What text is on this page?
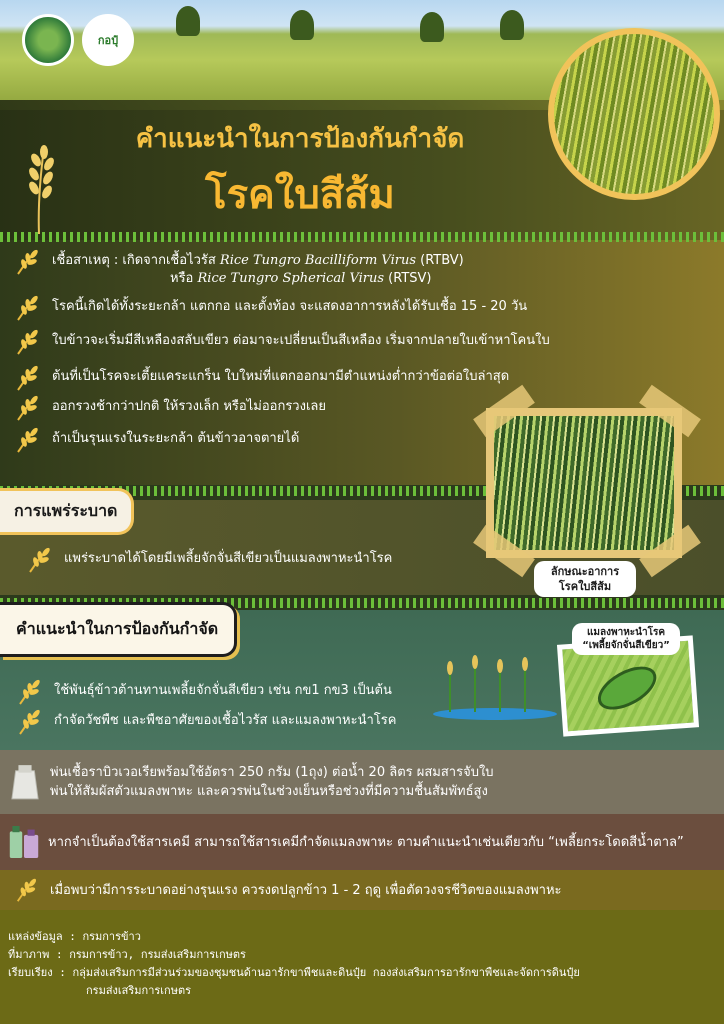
กอปุ๋
คำแนะนำในการป้องกันกำจัด
โรคใบสีส้ม
เชื้อสาเหตุ : เกิดจากเชื้อไวรัส Rice Tungro Bacilliform Virus (RTBV)
หรือ Rice Tungro Spherical Virus (RTSV)
โรคนี้เกิดได้ทั้งระยะกล้า แตกกอ และตั้งท้อง จะแสดงอาการหลังได้รับเชื้อ 15 - 20 วัน
ใบข้าวจะเริ่มมีสีเหลืองสลับเขียว ต่อมาจะเปลี่ยนเป็นสีเหลือง เริ่มจากปลายใบเข้าหาโคนใบ
ต้นที่เป็นโรคจะเตี้ยแคระแกร็น ใบใหม่ที่แตกออกมามีตำแหน่งต่ำกว่าข้อต่อใบล่าสุด
ออกรวงช้ากว่าปกติ ให้รวงเล็ก หรือไม่ออกรวงเลย
ถ้าเป็นรุนแรงในระยะกล้า ต้นข้าวอาจตายได้
การแพร่ระบาด
แพร่ระบาดได้โดยมีเพลี้ยจักจั่นสีเขียวเป็นแมลงพาหะนำโรค
ลักษณะอาการ
โรคใบสีส้ม
คำแนะนำในการป้องกันกำจัด
ใช้พันธุ์ข้าวต้านทานเพลี้ยจักจั่นสีเขียว เช่น กข1 กข3 เป็นต้น
กำจัดวัชพืช และพืชอาศัยของเชื้อไวรัส และแมลงพาหะนำโรค
แมลงพาหะนำโรค
“เพลี้ยจักจั่นสีเขียว”
พ่นเชื้อราบิวเวอเรียพร้อมใช้อัตรา 250 กรัม (1ถุง) ต่อน้ำ 20 ลิตร ผสมสารจับใบ
พ่นให้สัมผัสตัวแมลงพาหะ และควรพ่นในช่วงเย็นหรือช่วงที่มีความชื้นสัมพัทธ์สูง
หากจำเป็นต้องใช้สารเคมี สามารถใช้สารเคมีกำจัดแมลงพาหะ ตามคำแนะนำเช่นเดียวกับ “เพลี้ยกระโดดสีน้ำตาล”
เมื่อพบว่ามีการระบาดอย่างรุนแรง ควรงดปลูกข้าว 1 - 2 ฤดู เพื่อตัดวงจรชีวิตของแมลงพาหะ
แหล่งข้อมูล : กรมการข้าว
ที่มาภาพ : กรมการข้าว, กรมส่งเสริมการเกษตร
เรียบเรียง : กลุ่มส่งเสริมการมีส่วนร่วมของชุมชนด้านอารักขาพืชและดินปุ๋ย กองส่งเสริมการอารักขาพืชและจัดการดินปุ๋ย
กรมส่งเสริมการเกษตร
